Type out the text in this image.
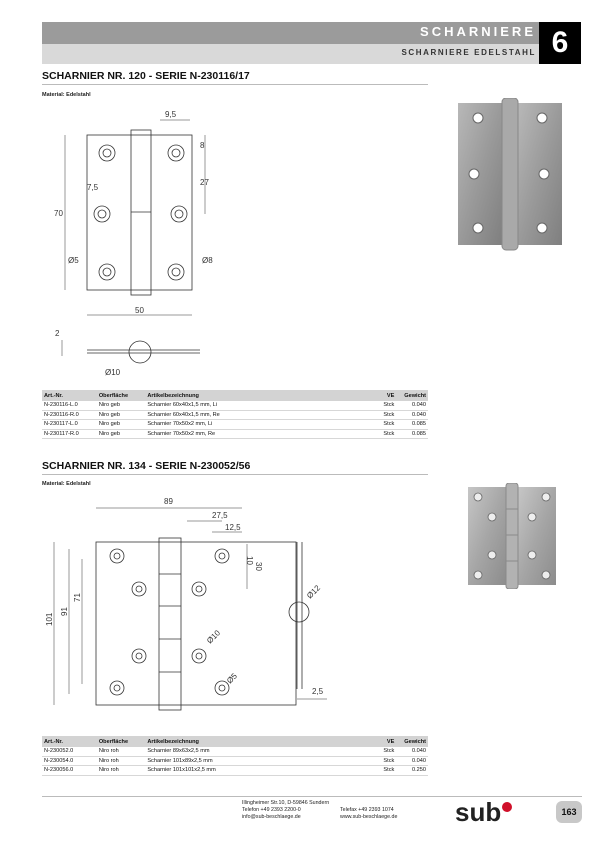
SCHARNIERE
SCHARNIERE EDELSTAHL 6
SCHARNIER NR. 120 - SERIE N-230116/17
Material: Edelstahl
9,5
8
27
7,5
70
Ø5	Ø8
50
2
Ø10
Art.-Nr.	Oberfläche	Artikelbezeichnung	VE	Gewicht
N-230116-L.0	Niro geb	Scharnier 60x40x1,5 mm, Li	Stck	0.040
N-230116-R.0	Niro geb	Scharnier 60x40x1,5 mm, Re	Stck	0.040
N-230117-L.0	Niro geb	Scharnier 70x50x2 mm, Li	Stck	0.085
N-230117-R.0	Niro geb	Scharnier 70x50x2 mm, Re	Stck	0.085
SCHARNIER NR. 134 - SERIE N-230052/56
Material: Edelstahl
89
27,5
12,5
10
30
101
91
71
Ø10
Ø5
Ø12
2,5
Art.-Nr.	Oberfläche	Artikelbezeichnung	VE	Gewicht
N-230052.0	Niro roh	Scharnier 89x63x2,5 mm	Stck	0.040
N-230054.0	Niro roh	Scharnier 101x89x2,5 mm	Stck	0.040
N-230056.0	Niro roh	Scharnier 101x101x2,5 mm	Stck	0.250
Illingheimer Str.10, D-59846 Sundern
Telefon +49 2393 2200-0	Telefax +49 2393 1074
info@sub-beschlaege.de	www.sub-beschlaege.de sub	163
